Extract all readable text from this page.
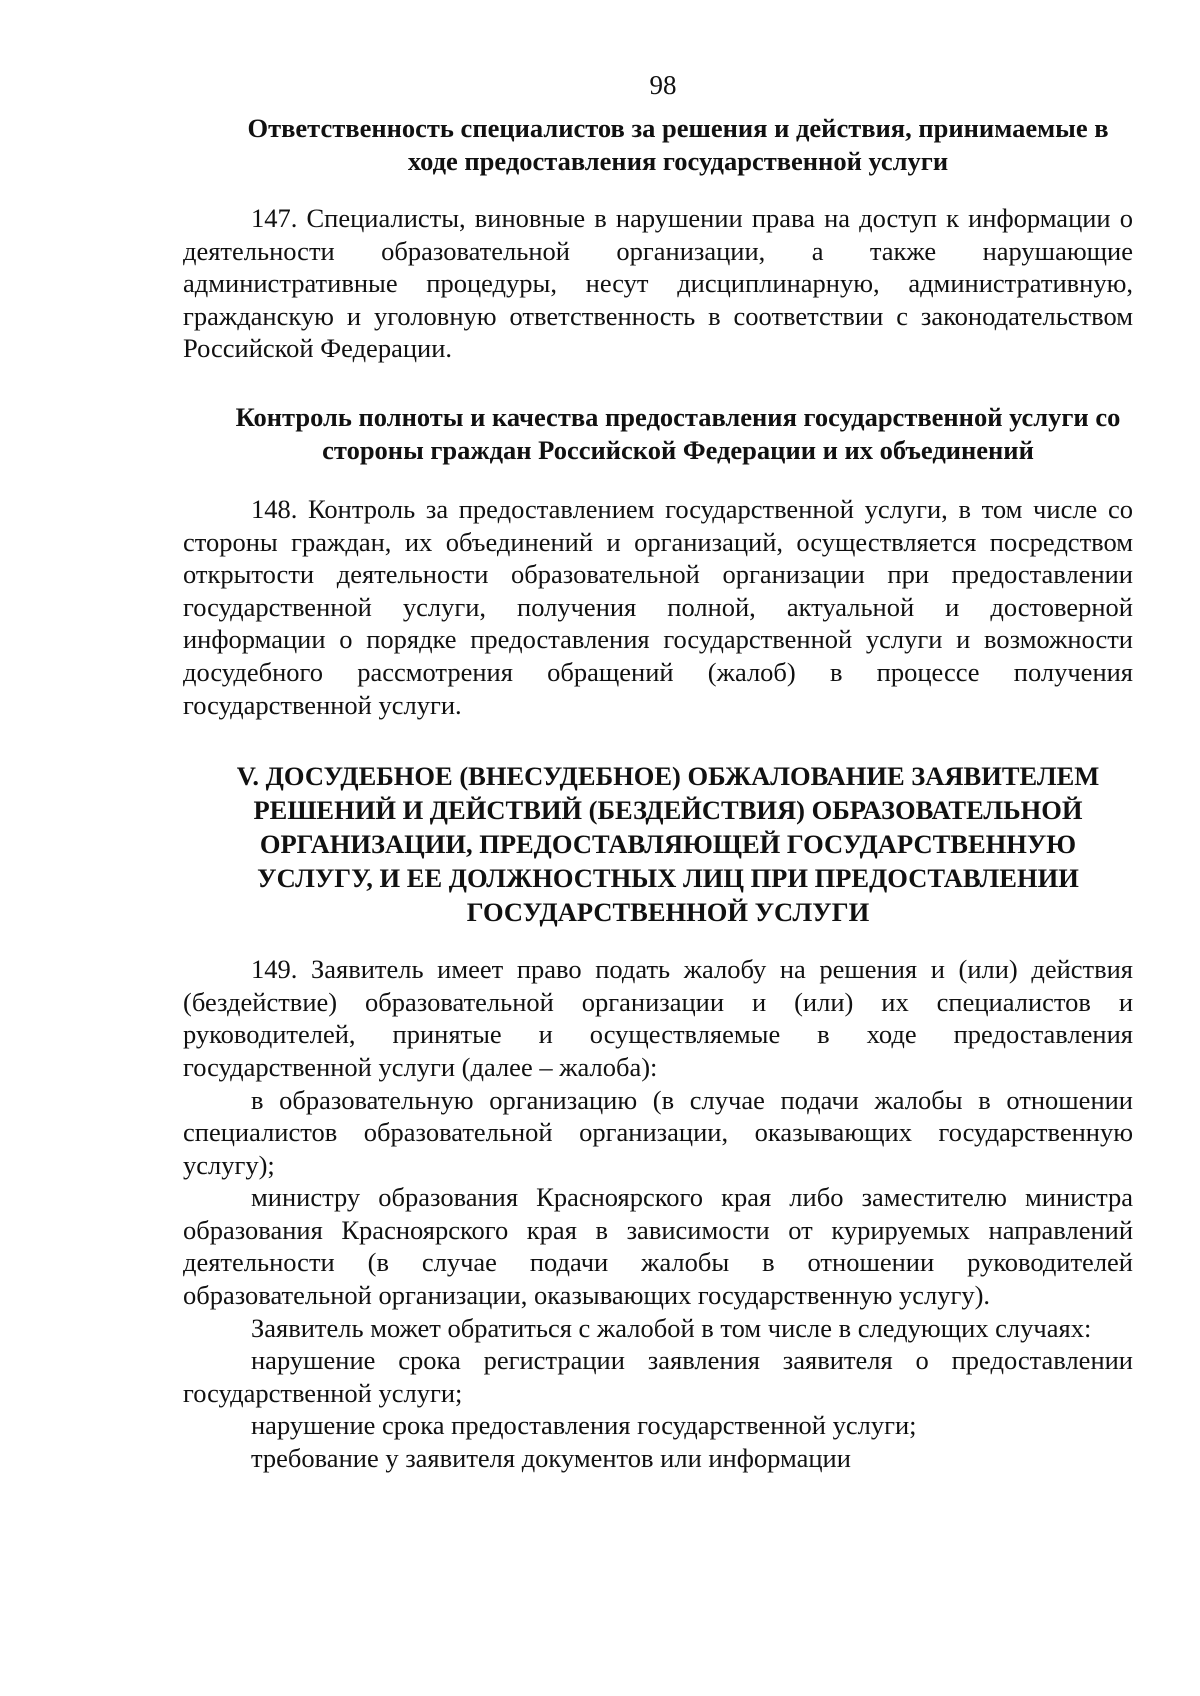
98
Ответственность специалистов за решения и действия, принимаемые в ходе предоставления государственной услуги

147. Специалисты, виновные в нарушении права на доступ к информации о деятельности образовательной организации, а также нарушающие административные процедуры, несут дисциплинарную, административную, гражданскую и уголовную ответственность в соответствии с законодательством Российской Федерации.

Контроль полноты и качества предоставления государственной услуги со стороны граждан Российской Федерации и их объединений

148. Контроль за предоставлением государственной услуги, в том числе со стороны граждан, их объединений и организаций, осуществляется посредством открытости деятельности образовательной организации при предоставлении государственной услуги, получения полной, актуальной и достоверной информации о порядке предоставления государственной услуги и возможности досудебного рассмотрения обращений (жалоб) в процессе получения государственной услуги.

V. ДОСУДЕБНОЕ (ВНЕСУДЕБНОЕ) ОБЖАЛОВАНИЕ ЗАЯВИТЕЛЕМ РЕШЕНИЙ И ДЕЙСТВИЙ (БЕЗДЕЙСТВИЯ) ОБРАЗОВАТЕЛЬНОЙ ОРГАНИЗАЦИИ, ПРЕДОСТАВЛЯЮЩЕЙ ГОСУДАРСТВЕННУЮ УСЛУГУ, И ЕЕ ДОЛЖНОСТНЫХ ЛИЦ ПРИ ПРЕДОСТАВЛЕНИИ ГОСУДАРСТВЕННОЙ УСЛУГИ

149. Заявитель имеет право подать жалобу на решения и (или) действия (бездействие) образовательной организации и (или) их специалистов и руководителей, принятые и осуществляемые в ходе предоставления государственной услуги (далее – жалоба):

в образовательную организацию (в случае подачи жалобы в отношении специалистов образовательной организации, оказывающих государственную услугу);

министру образования Красноярского края либо заместителю министра образования Красноярского края в зависимости от курируемых направлений деятельности (в случае подачи жалобы в отношении руководителей образовательной организации, оказывающих государственную услугу).

Заявитель может обратиться с жалобой в том числе в следующих случаях:

нарушение срока регистрации заявления заявителя о предоставлении государственной услуги;

нарушение срока предоставления государственной услуги;

требование у заявителя документов или информации
